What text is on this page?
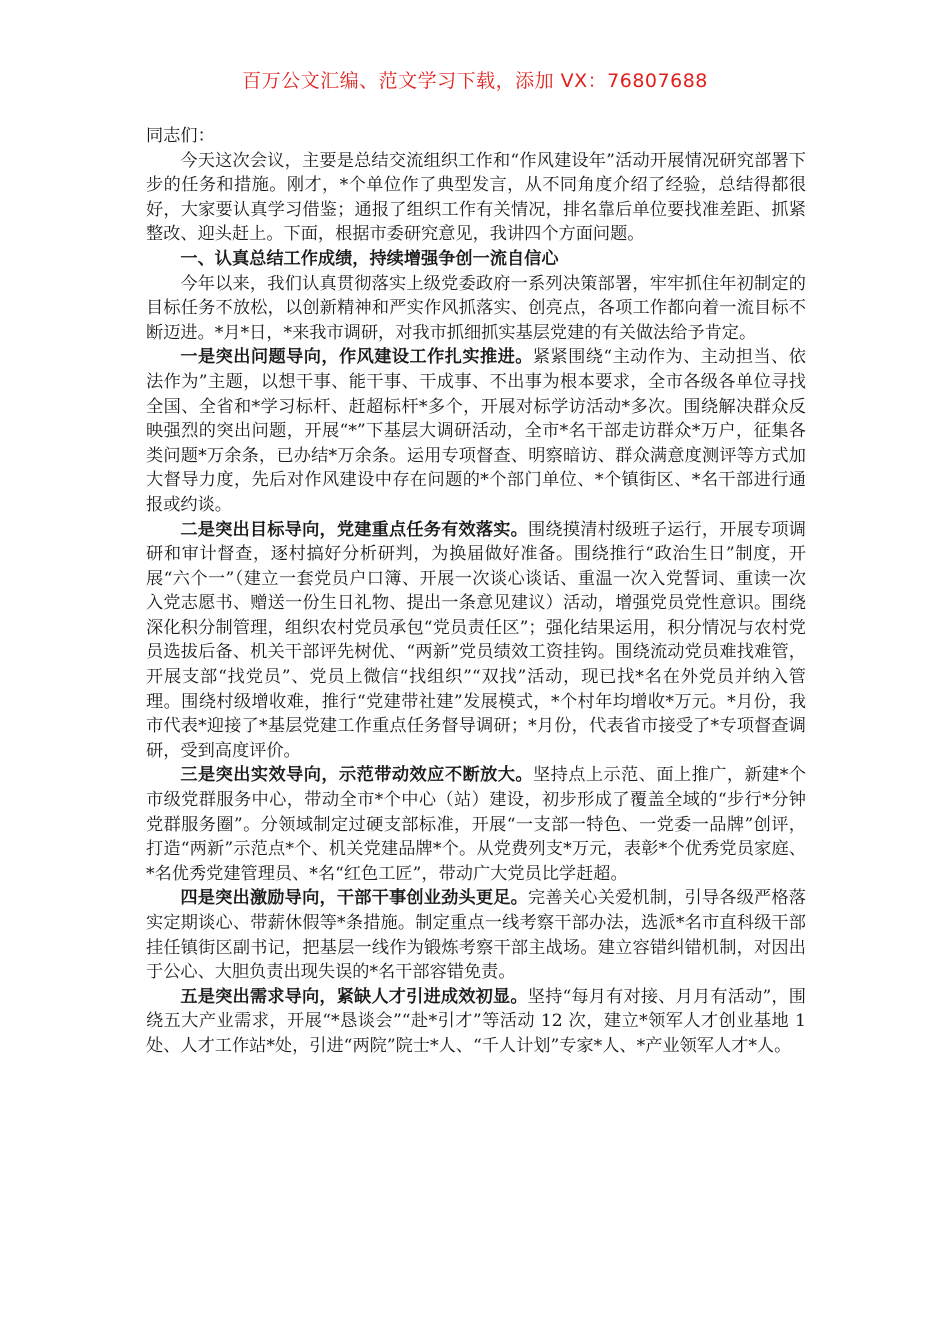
百万公文汇编、范文学习下载，添加 VX：76807688

同志们：

今天这次会议，主要是总结交流组织工作和“作风建设年”活动开展情况研究部署下步的任务和措施。刚才，*个单位作了典型发言，从不同角度介绍了经验，总结得都很好，大家要认真学习借鉴；通报了组织工作有关情况，排名靠后单位要找准差距、抓紧整改、迎头赶上。下面，根据市委研究意见，我讲四个方面问题。

一、认真总结工作成绩，持续增强争创一流自信心

今年以来，我们认真贯彻落实上级党委政府一系列决策部署，牢牢抓住年初制定的目标任务不放松，以创新精神和严实作风抓落实、创亮点，各项工作都向着一流目标不断迈进。*月*日，*来我市调研，对我市抓细抓实基层党建的有关做法给予肯定。

一是突出问题导向，作风建设工作扎实推进。紧紧围绕“主动作为、主动担当、依法作为”主题，以想干事、能干事、干成事、不出事为根本要求，全市各级各单位寻找全国、全省和*学习标杆、赶超标杆*多个，开展对标学访活动*多次。围绕解决群众反映强烈的突出问题，开展“*”下基层大调研活动，全市*名干部走访群众*万户，征集各类问题*万余条，已办结*万余条。运用专项督查、明察暗访、群众满意度测评等方式加大督导力度，先后对作风建设中存在问题的*个部门单位、*个镇街区、*名干部进行通报或约谈。

二是突出目标导向，党建重点任务有效落实。围绕摸清村级班子运行，开展专项调研和审计督查，逐村搞好分析研判，为换届做好准备。围绕推行“政治生日”制度，开展“六个一”（建立一套党员户口簿、开展一次谈心谈话、重温一次入党誓词、重读一次入党志愿书、赠送一份生日礼物、提出一条意见建议）活动，增强党员党性意识。围绕深化积分制管理，组织农村党员承包“党员责任区”；强化结果运用，积分情况与农村党员选拔后备、机关干部评先树优、“两新”党员绩效工资挂钩。围绕流动党员难找难管，开展支部“找党员”、党员上微信“找组织”“双找”活动，现已找*名在外党员并纳入管理。围绕村级增收难，推行“党建带社建”发展模式，*个村年均增收*万元。*月份，我市代表*迎接了*基层党建工作重点任务督导调研；*月份，代表省市接受了*专项督查调研，受到高度评价。

三是突出实效导向，示范带动效应不断放大。坚持点上示范、面上推广，新建*个市级党群服务中心，带动全市*个中心（站）建设，初步形成了覆盖全域的“步行*分钟党群服务圈”。分领域制定过硬支部标准，开展“一支部一特色、一党委一品牌”创评，打造“两新”示范点*个、机关党建品牌*个。从党费列支*万元，表彰*个优秀党员家庭、*名优秀党建管理员、*名“红色工匠”，带动广大党员比学赶超。

四是突出激励导向，干部干事创业劲头更足。完善关心关爱机制，引导各级严格落实定期谈心、带薪休假等*条措施。制定重点一线考察干部办法，选派*名市直科级干部挂任镇街区副书记，把基层一线作为锻炼考察干部主战场。建立容错纠错机制，对因出于公心、大胆负责出现失误的*名干部容错免责。

五是突出需求导向，紧缺人才引进成效初显。坚持“每月有对接、月月有活动”，围绕五大产业需求，开展“*恳谈会”“赴*引才”等活动 12 次，建立*领军人才创业基地 1 处、人才工作站*处，引进“两院”院士*人、“千人计划”专家*人、*产业领军人才*人。
